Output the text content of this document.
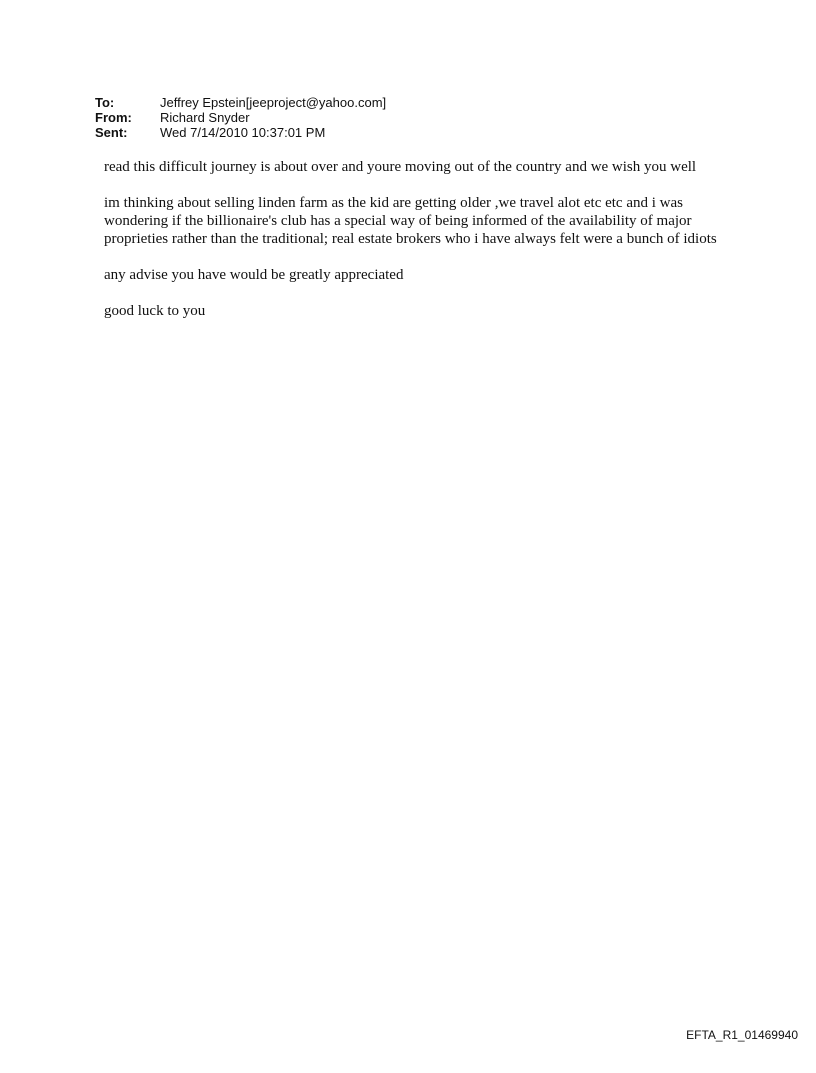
To:	Jeffrey Epstein[jeeproject@yahoo.com]
From:	Richard Snyder
Sent:	Wed 7/14/2010 10:37:01 PM

read this difficult journey is about over and youre moving out of the country and we wish you well

im thinking about selling linden farm as the kid are getting older ,we travel alot etc etc and i was wondering if the billionaire's club has a special way of being informed of the availability of major proprieties rather than the traditional; real estate brokers who i have always felt were a bunch of idiots

any advise you have would be greatly appreciated

good luck to you

EFTA_R1_01469940
